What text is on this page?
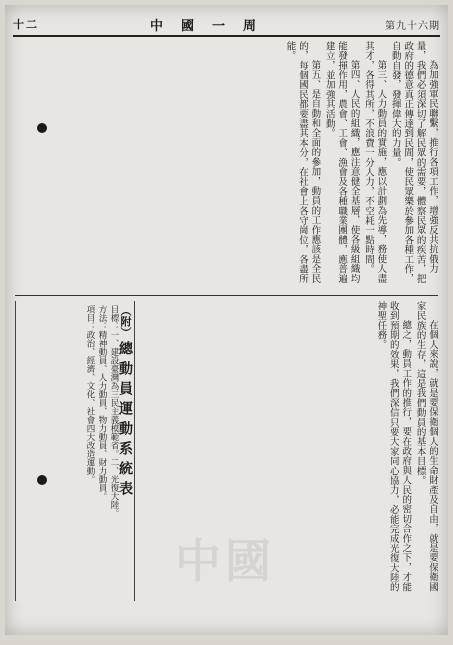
十二	中國一周	第九十六期

為加強軍民聯繫，推行各項工作，增強反共抗俄力量，我們必須深切了解民眾的需要，體察民眾的疾苦，把政府的德意真正傳達到民間，使民眾樂於參加各種工作，自動自發，發揮偉大的力量。

第三、人力動員的實施，應以計劃為先導，務使人盡其才，各得其所，不浪費一分人力，不空耗一點時間。

第四、人民的組織，應注意健全基層，使各級組織均能發揮作用，農會、工會、漁會及各種職業團體，應普遍建立，並加強其活動。

第五、是自動和全面的參加，動員的工作應該是全民的，每個國民都要盡其本分，在社會上各守崗位，各盡所能。

在個人來說，就是要保衛個人的生命財產及自由，就是要保衛國家民族的生存，這是我們動員的基本目標。

總之，動員工作的推行，要在政府與人民的密切合作之下，才能收到預期的效果，我們深信只要大家同心協力，必能完成光復大陸的神聖任務。

（附） 總動員運動系統表
目標：一、建設臺灣為三民主義模範省。二、光復大陸。
方法：精神動員、人力動員、物力動員、財力動員。
項目：政治、經濟、文化、社會四大改造運動。
中國
